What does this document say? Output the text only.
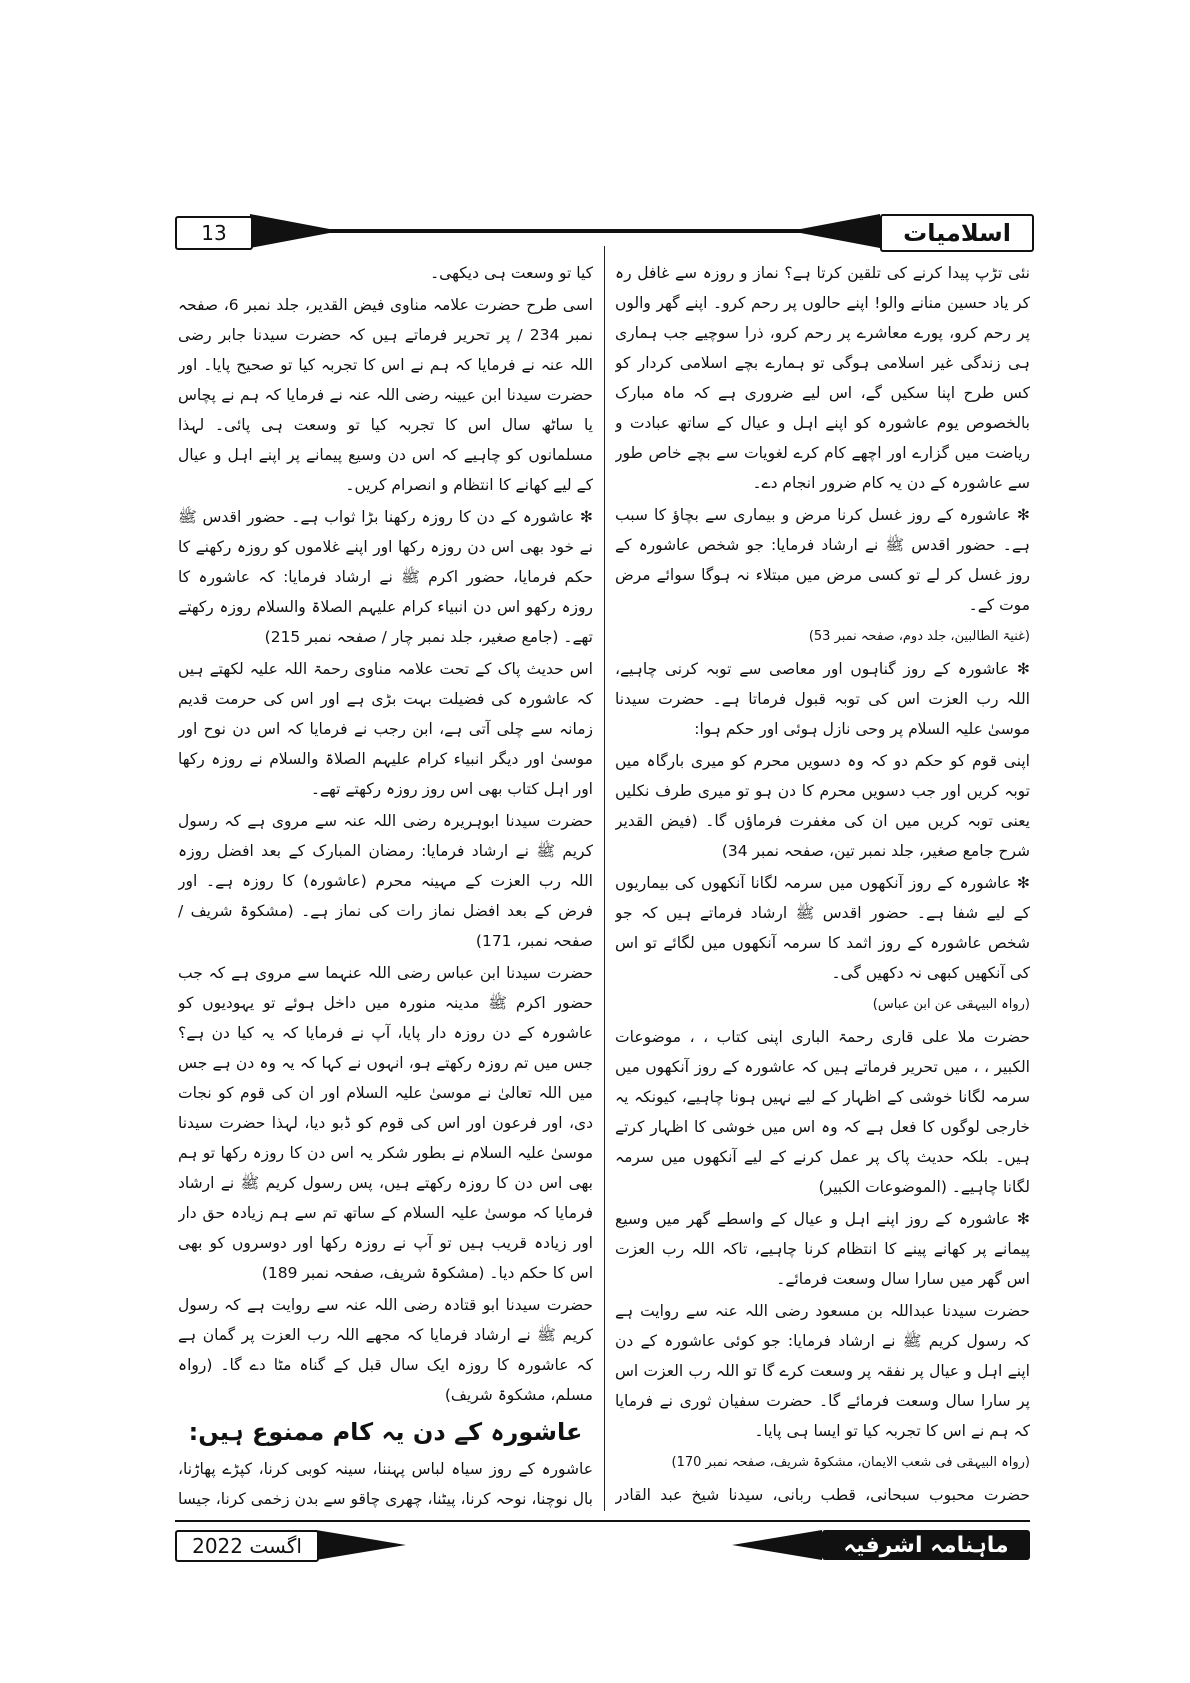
13	اسلامیات

نئی تڑپ پیدا کرنے کی تلقین کرتا ہے؟ نماز و روزہ سے غافل رہ کر یاد حسین منانے والو! اپنے حالوں پر رحم کرو۔ اپنے گھر والوں پر رحم کرو، پورے معاشرے پر رحم کرو، ذرا سوچیے جب ہماری ہی زندگی غیر اسلامی ہوگی تو ہمارے بچے اسلامی کردار کو کس طرح اپنا سکیں گے، اس لیے ضروری ہے کہ ماہ مبارک بالخصوص یوم عاشورہ کو اپنے اہل و عیال کے ساتھ عبادت و ریاضت میں گزارے اور اچھے کام کرے لغویات سے بچے خاص طور سے عاشورہ کے دن یہ کام ضرور انجام دے۔

✻ عاشورہ کے روز غسل کرنا مرض و بیماری سے بچاؤ کا سبب ہے۔ حضور اقدس ﷺ نے ارشاد فرمایا: جو شخص عاشورہ کے روز غسل کر لے تو کسی مرض میں مبتلاء نہ ہوگا سوائے مرض موت کے۔

(غنیۃ الطالبین، جلد دوم، صفحہ نمبر 53)

✻ عاشورہ کے روز گناہوں اور معاصی سے توبہ کرنی چاہیے، اللہ رب العزت اس کی توبہ قبول فرماتا ہے۔ حضرت سیدنا موسیٰ علیہ السلام پر وحی نازل ہوئی اور حکم ہوا:

اپنی قوم کو حکم دو کہ وہ دسویں محرم کو میری بارگاہ میں توبہ کریں اور جب دسویں محرم کا دن ہو تو میری طرف نکلیں یعنی توبہ کریں میں ان کی مغفرت فرماؤں گا۔ (فیض القدیر شرح جامع صغیر، جلد نمبر تین، صفحہ نمبر 34)

✻ عاشورہ کے روز آنکھوں میں سرمہ لگانا آنکھوں کی بیماریوں کے لیے شفا ہے۔ حضور اقدس ﷺ ارشاد فرماتے ہیں کہ جو شخص عاشورہ کے روز اثمد کا سرمہ آنکھوں میں لگائے تو اس کی آنکھیں کبھی نہ دکھیں گی۔

(رواہ البیہقی عن ابن عباس)

حضرت ملا علی قاری رحمۃ الباری اپنی کتاب ، ، موضوعات الکبیر ، ، میں تحریر فرماتے ہیں کہ عاشورہ کے روز آنکھوں میں سرمہ لگانا خوشی کے اظہار کے لیے نہیں ہونا چاہیے، کیونکہ یہ خارجی لوگوں کا فعل ہے کہ وہ اس میں خوشی کا اظہار کرتے ہیں۔ بلکہ حدیث پاک پر عمل کرنے کے لیے آنکھوں میں سرمہ لگانا چاہیے۔ (الموضوعات الکبیر)

✻ عاشورہ کے روز اپنے اہل و عیال کے واسطے گھر میں وسیع پیمانے پر کھانے پینے کا انتظام کرنا چاہیے، تاکہ اللہ رب العزت اس گھر میں سارا سال وسعت فرمائے۔

حضرت سیدنا عبداللہ بن مسعود رضی اللہ عنہ سے روایت ہے کہ رسول کریم ﷺ نے ارشاد فرمایا: جو کوئی عاشورہ کے دن اپنے اہل و عیال پر نفقہ پر وسعت کرے گا تو اللہ رب العزت اس پر سارا سال وسعت فرمائے گا۔ حضرت سفیان ثوری نے فرمایا کہ ہم نے اس کا تجربہ کیا تو ایسا ہی پایا۔

(رواہ البیہقی فی شعب الایمان، مشکوۃ شریف، صفحہ نمبر 170)

حضرت محبوب سبحانی، قطب ربانی، سیدنا شیخ عبد القادر

کیا تو وسعت ہی دیکھی۔

اسی طرح حضرت علامہ مناوی فیض القدیر، جلد نمبر 6، صفحہ نمبر 234 / پر تحریر فرماتے ہیں کہ حضرت سیدنا جابر رضی اللہ عنہ نے فرمایا کہ ہم نے اس کا تجربہ کیا تو صحیح پایا۔ اور حضرت سیدنا ابن عیینہ رضی اللہ عنہ نے فرمایا کہ ہم نے پچاس یا ساٹھ سال اس کا تجربہ کیا تو وسعت ہی پائی۔ لہذا مسلمانوں کو چاہیے کہ اس دن وسیع پیمانے پر اپنے اہل و عیال کے لیے کھانے کا انتظام و انصرام کریں۔

✻ عاشورہ کے دن کا روزہ رکھنا بڑا ثواب ہے۔ حضور اقدس ﷺ نے خود بھی اس دن روزہ رکھا اور اپنے غلاموں کو روزہ رکھنے کا حکم فرمایا، حضور اکرم ﷺ نے ارشاد فرمایا: کہ عاشورہ کا روزہ رکھو اس دن انبیاء کرام علیہم الصلاۃ والسلام روزہ رکھتے تھے۔ (جامع صغیر، جلد نمبر چار / صفحہ نمبر 215)

اس حدیث پاک کے تحت علامہ مناوی رحمۃ اللہ علیہ لکھتے ہیں کہ عاشورہ کی فضیلت بہت بڑی ہے اور اس کی حرمت قدیم زمانہ سے چلی آتی ہے، ابن رجب نے فرمایا کہ اس دن نوح اور موسیٰ اور دیگر انبیاء کرام علیہم الصلاۃ والسلام نے روزہ رکھا اور اہل کتاب بھی اس روز روزہ رکھتے تھے۔

حضرت سیدنا ابوہریرہ رضی اللہ عنہ سے مروی ہے کہ رسول کریم ﷺ نے ارشاد فرمایا: رمضان المبارک کے بعد افضل روزہ اللہ رب العزت کے مہینہ محرم (عاشورہ) کا روزہ ہے۔ اور فرض کے بعد افضل نماز رات کی نماز ہے۔ (مشکوۃ شریف / صفحہ نمبر، 171)

حضرت سیدنا ابن عباس رضی اللہ عنہما سے مروی ہے کہ جب حضور اکرم ﷺ مدینہ منورہ میں داخل ہوئے تو یہودیوں کو عاشورہ کے دن روزہ دار پایا، آپ نے فرمایا کہ یہ کیا دن ہے؟ جس میں تم روزہ رکھتے ہو، انہوں نے کہا کہ یہ وہ دن ہے جس میں اللہ تعالیٰ نے موسیٰ علیہ السلام اور ان کی قوم کو نجات دی، اور فرعون اور اس کی قوم کو ڈبو دیا، لہذا حضرت سیدنا موسیٰ علیہ السلام نے بطور شکر یہ اس دن کا روزہ رکھا تو ہم بھی اس دن کا روزہ رکھتے ہیں، پس رسول کریم ﷺ نے ارشاد فرمایا کہ موسیٰ علیہ السلام کے ساتھ تم سے ہم زیادہ حق دار اور زیادہ قریب ہیں تو آپ نے روزہ رکھا اور دوسروں کو بھی اس کا حکم دیا۔ (مشکوۃ شریف، صفحہ نمبر 189)

حضرت سیدنا ابو قتادہ رضی اللہ عنہ سے روایت ہے کہ رسول کریم ﷺ نے ارشاد فرمایا کہ مجھے اللہ رب العزت پر گمان ہے کہ عاشورہ کا روزہ ایک سال قبل کے گناہ مٹا دے گا۔ (رواہ مسلم، مشکوۃ شریف)

عاشورہ کے دن یہ کام ممنوع ہیں:

عاشورہ کے روز سیاہ لباس پہننا، سینہ کوبی کرنا، کپڑے پھاڑنا، بال نوچنا، نوحہ کرنا، پیٹنا، چھری چاقو سے بدن زخمی کرنا، جیسا

اگست 2022	ماہنامہ اشرفیہ
